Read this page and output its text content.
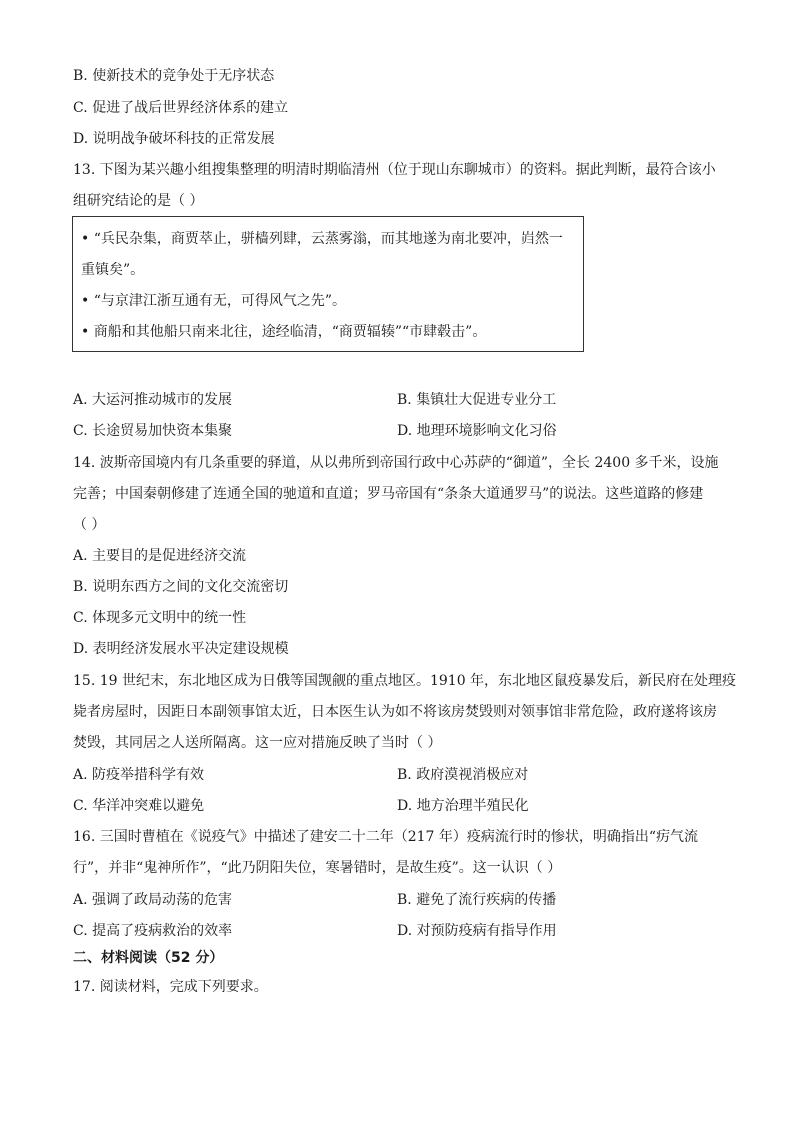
B. 使新技术的竞争处于无序状态
C. 促进了战后世界经济体系的建立
D. 说明战争破坏科技的正常发展
13. 下图为某兴趣小组搜集整理的明清时期临清州（位于现山东聊城市）的资料。据此判断，最符合该小
组研究结论的是（ ）
• “兵民杂集，商贾萃止，骈樯列肆，云蒸雾滃，而其地遂为南北要冲，岿然一
重镇矣”。
• “与京津江浙互通有无，可得风气之先”。
• 商船和其他船只南来北往，途经临清，“商贾辐辏”“市肆毂击”。
A. 大运河推动城市的发展	B. 集镇壮大促进专业分工
C. 长途贸易加快资本集聚	D. 地理环境影响文化习俗
14. 波斯帝国境内有几条重要的驿道，从以弗所到帝国行政中心苏萨的“御道”，全长 2400 多千米，设施
完善；中国秦朝修建了连通全国的驰道和直道；罗马帝国有“条条大道通罗马”的说法。这些道路的修建
（ ）
A. 主要目的是促进经济交流
B. 说明东西方之间的文化交流密切
C. 体现多元文明中的统一性
D. 表明经济发展水平决定建设规模
15. 19 世纪末，东北地区成为日俄等国觊觎的重点地区。1910 年，东北地区鼠疫暴发后，新民府在处理疫
毙者房屋时，因距日本副领事馆太近，日本医生认为如不将该房焚毁则对领事馆非常危险，政府遂将该房
焚毁，其同居之人送所隔离。这一应对措施反映了当时（ ）
A. 防疫举措科学有效	B. 政府漠视消极应对
C. 华洋冲突难以避免	D. 地方治理半殖民化
16. 三国时曹植在《说疫气》中描述了建安二十二年（217 年）疫病流行时的惨状，明确指出“疠气流
行”，并非“鬼神所作”，“此乃阴阳失位，寒暑错时，是故生疫”。这一认识（ ）
A. 强调了政局动荡的危害	B. 避免了流行疾病的传播
C. 提高了疫病救治的效率	D. 对预防疫病有指导作用
二、材料阅读（52 分）
17. 阅读材料，完成下列要求。
